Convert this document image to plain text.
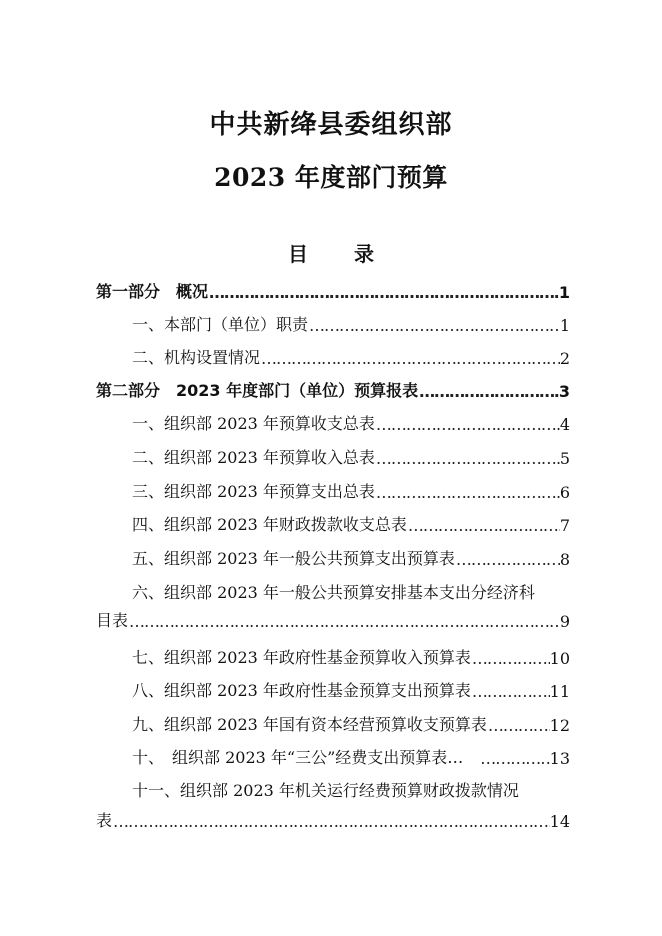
中共新绛县委组织部
2023 年度部门预算
目 录
第一部分　概况 ……………………………………………………………………………………………………………………………………………………	1
一、本部门（单位）职责 ……………………………………………………………………………………………………………………………………………………	1
二、机构设置情况 ……………………………………………………………………………………………………………………………………………………	2
第二部分　2023 年度部门（单位）预算报表 ……………………………………………………………………………………………………………………………………………………	3
一、组织部 2023 年预算收支总表 ……………………………………………………………………………………………………………………………………………………	4
二、组织部 2023 年预算收入总表 ……………………………………………………………………………………………………………………………………………………	5
三、组织部 2023 年预算支出总表 ……………………………………………………………………………………………………………………………………………………	6
四、组织部 2023 年财政拨款收支总表 ……………………………………………………………………………………………………………………………………………………	7
五、组织部 2023 年一般公共预算支出预算表 ……………………………………………………………………………………………………………………………………………………	8
六、组织部 2023 年一般公共预算安排基本支出分经济科
目表 ……………………………………………………………………………………………………………………………………………………	9
七、组织部 2023 年政府性基金预算收入预算表 ……………………………………………………………………………………………………………………………………………………	10
八、组织部 2023 年政府性基金预算支出预算表 ……………………………………………………………………………………………………………………………………………………	11
九、组织部 2023 年国有资本经营预算收支预算表 ……………………………………………………………………………………………………………………………………………………	12
十、　组织部 2023 年“三公”经费支出预算表…　 ……………………………………………………………………………………………………………………………………………………	13
十一、组织部 2023 年机关运行经费预算财政拨款情况
表 ……………………………………………………………………………………………………………………………………………………	14
